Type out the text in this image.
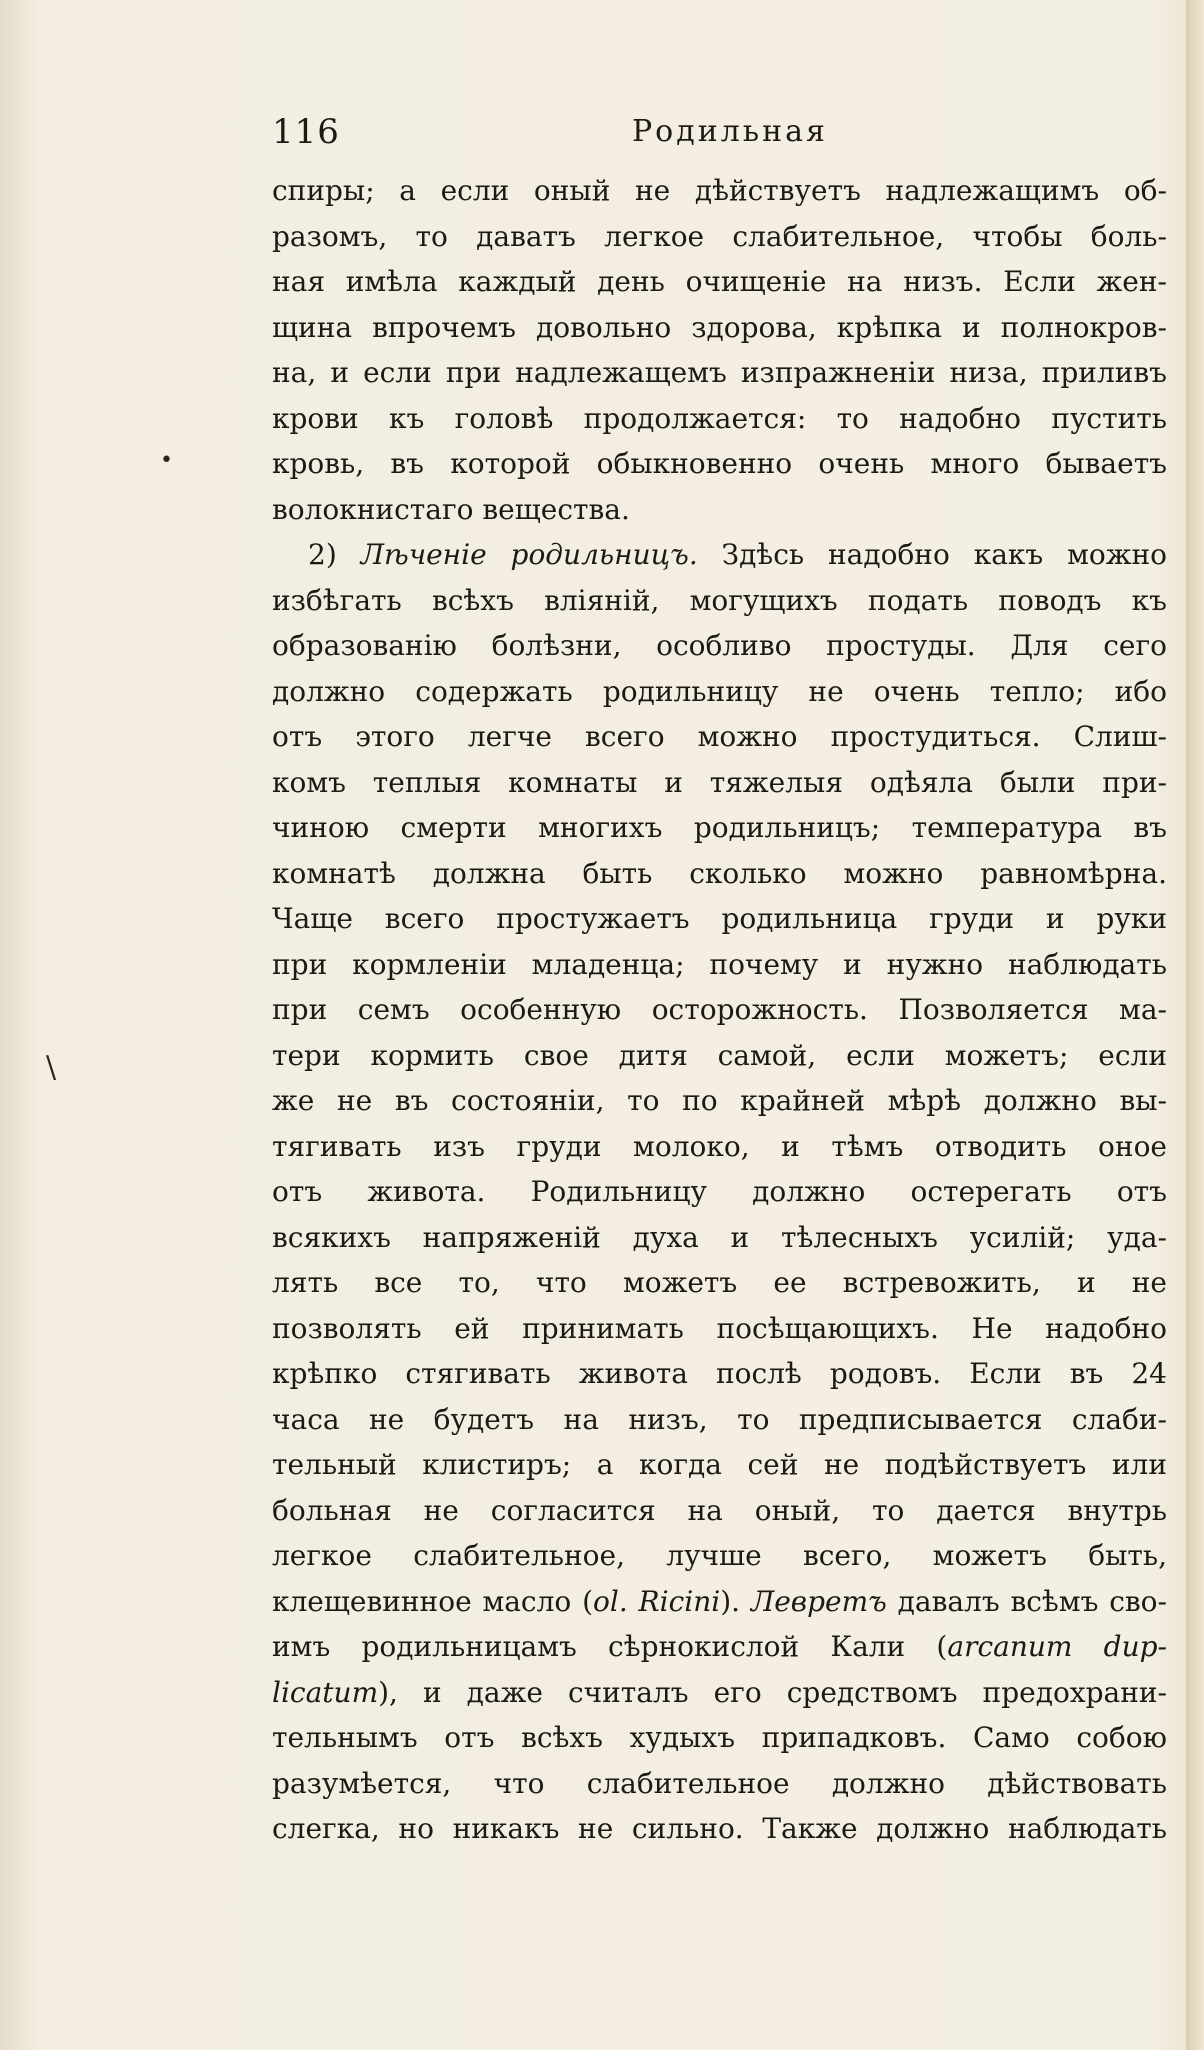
•
\
116	Родильная
спиры; а если оный не дѣйствуетъ надлежащимъ об-
разомъ, то даватъ легкое слабительное, чтобы боль-
ная имѣла каждый день очищеніе на низъ. Если жен-
щина впрочемъ довольно здорова, крѣпка и полнокров-
на, и если при надлежащемъ изпражненіи низа, приливъ
крови къ головѣ продолжается: то надобно пустить
кровь, въ которой обыкновенно очень много бываетъ
волокнистаго вещества.
2) Лѣченіе родильницъ. Здѣсь надобно какъ можно
избѣгать всѣхъ вліяній, могущихъ подать поводъ къ
образованію болѣзни, особливо простуды. Для сего
должно содержать родильницу не очень тепло; ибо
отъ этого легче всего можно простудиться. Слиш-
комъ теплыя комнаты и тяжелыя одѣяла были при-
чиною смерти многихъ родильницъ; температура въ
комнатѣ должна быть сколько можно равномѣрна.
Чаще всего простужаетъ родильница груди и руки
при кормленіи младенца; почему и нужно наблюдать
при семъ особенную осторожность. Позволяется ма-
тери кормить свое дитя самой, если можетъ; если
же не въ состояніи, то по крайней мѣрѣ должно вы-
тягивать изъ груди молоко, и тѣмъ отводить оное
отъ живота. Родильницу должно остерегать отъ
всякихъ напряженій духа и тѣлесныхъ усилій; уда-
лять все то, что можетъ ее встревожить, и не
позволять ей принимать посѣщающихъ. Не надобно
крѣпко стягивать живота послѣ родовъ. Если въ 24
часа не будетъ на низъ, то предписывается слаби-
тельный клистиръ; а когда сей не подѣйствуетъ или
больная не согласится на оный, то дается внутрь
легкое слабительное, лучше всего, можетъ быть,
клещевинное масло (ol. Ricini). Левретъ давалъ всѣмъ сво-
имъ родильницамъ сѣрнокислой Кали (arcanum dup-
licatum), и даже считалъ его средствомъ предохрани-
тельнымъ отъ всѣхъ худыхъ припадковъ. Само собою
разумѣется, что слабительное должно дѣйствовать
слегка, но никакъ не сильно. Также должно наблюдать
